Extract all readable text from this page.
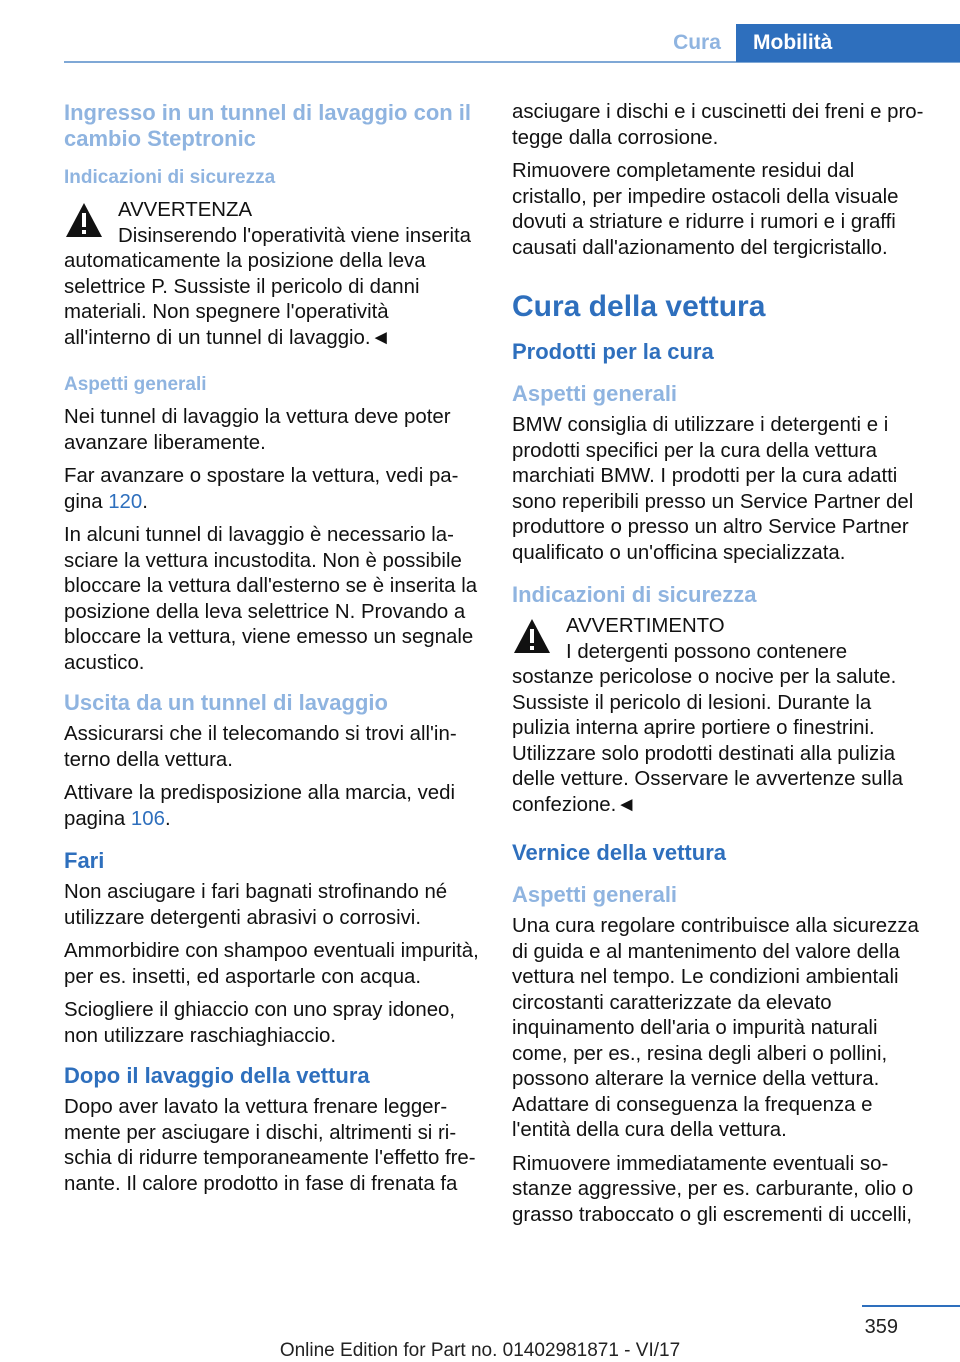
Cura	Mobilità
Ingresso in un tunnel di lavaggio con il cambio Steptronic
Indicazioni di sicurezza

AVVERTENZA

Disinserendo l'operatività viene inserita automaticamente la posizione della leva selettrice P. Sussiste il pericolo di danni materiali. Non spegnere l'operatività all'interno di un tunnel di lavaggio.◄

Aspetti generali

Nei tunnel di lavaggio la vettura deve poter avanzare liberamente.

Far avanzare o spostare la vettura, vedi pagina 120.

In alcuni tunnel di lavaggio è necessario lasciare la vettura incustodita. Non è possibile bloccare la vettura dall'esterno se è inserita la posizione della leva selettrice N. Provando a bloccare la vettura, viene emesso un segnale acustico.

Uscita da un tunnel di lavaggio

Assicurarsi che il telecomando si trovi all'interno della vettura.

Attivare la predisposizione alla marcia, vedi pagina 106.

Fari

Non asciugare i fari bagnati strofinando né utilizzare detergenti abrasivi o corrosivi.

Ammorbidire con shampoo eventuali impurità, per es. insetti, ed asportarle con acqua.

Sciogliere il ghiaccio con uno spray idoneo, non utilizzare raschiaghiaccio.

Dopo il lavaggio della vettura

Dopo aver lavato la vettura frenare leggermente per asciugare i dischi, altrimenti si rischia di ridurre temporaneamente l'effetto frenante. Il calore prodotto in fase di frenata fa

asciugare i dischi e i cuscinetti dei freni e protegge dalla corrosione.

Rimuovere completamente residui dal cristallo, per impedire ostacoli della visuale dovuti a striature e ridurre i rumori e i graffi causati dall'azionamento del tergicristallo.

Cura della vettura
Prodotti per la cura
Aspetti generali

BMW consiglia di utilizzare i detergenti e i prodotti specifici per la cura della vettura marchiati BMW. I prodotti per la cura adatti sono reperibili presso un Service Partner del produttore o presso un altro Service Partner qualificato o un'officina specializzata.

Indicazioni di sicurezza

AVVERTIMENTO

I detergenti possono contenere sostanze pericolose o nocive per la salute. Sussiste il pericolo di lesioni. Durante la pulizia interna aprire portiere o finestrini. Utilizzare solo prodotti destinati alla pulizia delle vetture. Osservare le avvertenze sulla confezione.◄

Vernice della vettura
Aspetti generali

Una cura regolare contribuisce alla sicurezza di guida e al mantenimento del valore della vettura nel tempo. Le condizioni ambientali circostanti caratterizzate da elevato inquinamento dell'aria o impurità naturali come, per es., resina degli alberi o pollini, possono alterare la vernice della vettura. Adattare di conseguenza la frequenza e l'entità della cura della vettura.

Rimuovere immediatamente eventuali sostanze aggressive, per es. carburante, olio o grasso traboccato o gli escrementi di uccelli,

359
Online Edition for Part no. 01402981871 - VI/17
